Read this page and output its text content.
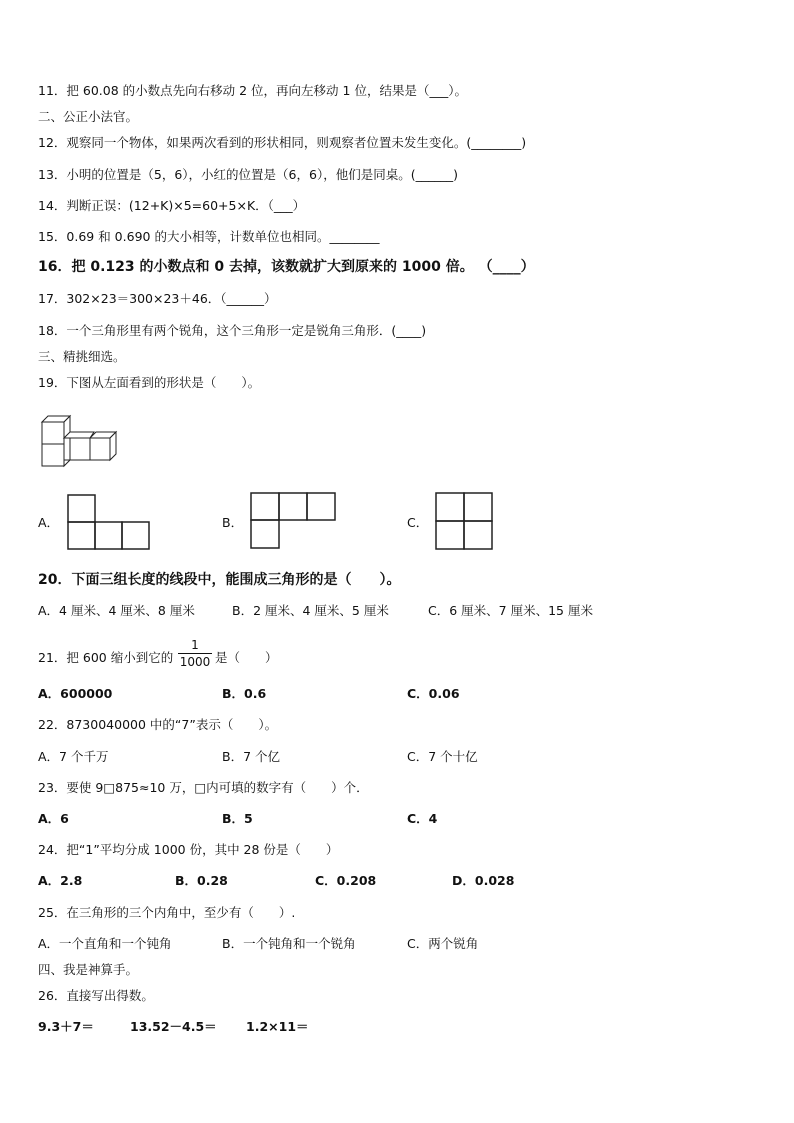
11．把 60.08 的小数点先向右移动 2 位，再向左移动 1 位，结果是（___）。
二、公正小法官。
12．观察同一个物体，如果两次看到的形状相同，则观察者位置未发生变化。(________)
13．小明的位置是（5，6），小红的位置是（6，6），他们是同桌。(______)
14．判断正误：(12+K)×5=60+5×K．（___）
15．0.69 和 0.690 的大小相等，计数单位也相同。________
16．把 0.123 的小数点和 0 去掉，该数就扩大到原来的 1000 倍。 （____）
17．302×23＝300×23＋46．（______）
18．一个三角形里有两个锐角，这个三角形一定是锐角三角形．(____)
三、精挑细选。
19．下图从左面看到的形状是（　　）。
A．	B．	C．
20．下面三组长度的线段中，能围成三角形的是（　　）。
A．4 厘米、4 厘米、8 厘米	B．2 厘米、4 厘米、5 厘米	C．6 厘米、7 厘米、15 厘米
21．把 600 缩小到它的
1
1000 是（　　）
A．600000	B．0.6	C．0.06
22．8730040000 中的“7”表示（　　）。
A．7 个千万	B．7 个亿	C．7 个十亿
23．要使 9□875≈10 万，□内可填的数字有（　　）个．
A．6	B．5	C．4
24．把“1”平均分成 1000 份，其中 28 份是（　　）
A．2.8	B．0.28	C．0.208	D．0.028
25．在三角形的三个内角中，至少有（　　）.
A．一个直角和一个钝角	B．一个钝角和一个锐角	C．两个锐角
四、我是神算手。
26．直接写出得数。
9.3＋7＝	13.52－4.5＝ 1.2×11＝
